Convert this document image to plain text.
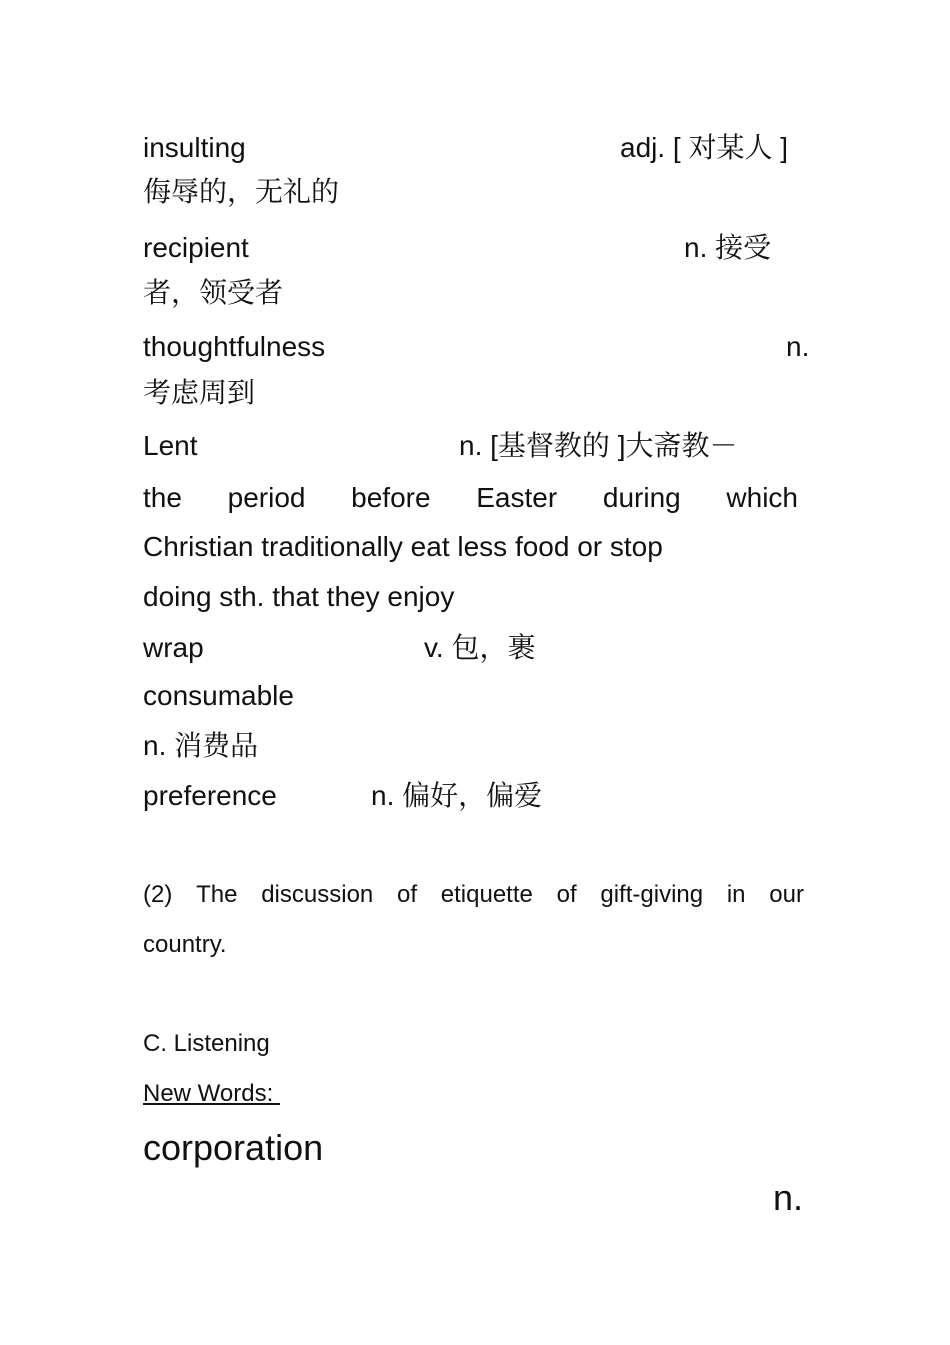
insulting	adj. [ 对某人 ]
侮辱的，无礼的
recipient	n. 接受
者，领受者
thoughtfulness	n.
考虑周到
Lent	n. [基督教的 ]大斋教－
the period before Easter during which
Christian traditionally eat less food or stop
doing sth. that they enjoy
wrap	v. 包，裹
consumable
n. 消费品
preference	n. 偏好，偏爱
(2) The discussion of etiquette of gift-giving in our
country.
C. Listening
New Words:
corporation
n.
